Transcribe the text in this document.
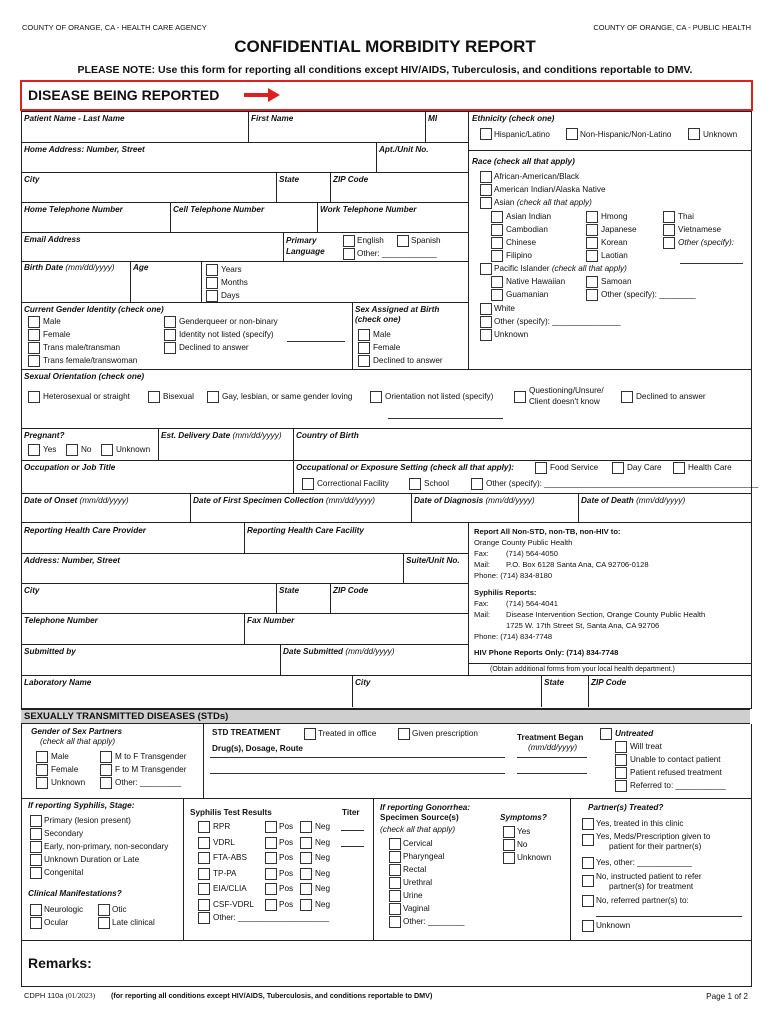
COUNTY OF ORANGE, CA - HEALTH CARE AGENCY	COUNTY OF ORANGE, CA - PUBLIC HEALTH
CONFIDENTIAL MORBIDITY REPORT
PLEASE NOTE: Use this form for reporting all conditions except HIV/AIDS, Tuberculosis, and conditions reportable to DMV.
DISEASE BEING REPORTED
Patient Name - Last Name	First Name	MI
Home Address: Number, Street	Apt./Unit No.
City	State	ZIP Code
Home Telephone Number	Cell Telephone Number	Work Telephone Number
Email Address	Primary
Language
English	Spanish
Other: ____________
Birth Date (mm/dd/yyyy) Age	Years
Months
Days
Current Gender Identity (check one)
Male
Female
Trans male/transman
Trans female/transwoman
Genderqueer or non-binary
Identity not listed (specify)
Declined to answer
Sex Assigned at Birth
(check one)
Male
Female
Declined to answer
Ethnicity (check one)
Hispanic/Latino	Non-Hispanic/Non-Latino	Unknown
Race (check all that apply)
African-American/Black
American Indian/Alaska Native
Asian (check all that apply)
Asian Indian	Hmong	Thai
Cambodian	Japanese	Vietnamese
Chinese	Korean	Other (specify):
Filipino	Laotian
Pacific Islander (check all that apply)
Native Hawaiian	Samoan
Guamanian	Other (specify): ________
White
Other (specify): _______________
Unknown
Sexual Orientation (check one)
Heterosexual or straight	Bisexual	Gay, lesbian, or same gender loving	Orientation not listed (specify)
Questioning/Unsure/
Client doesn't know
Declined to answer
Pregnant?
Yes	No	Unknown
Est. Delivery Date (mm/dd/yyyy) Country of Birth
Occupation or Job Title	Occupational or Exposure Setting (check all that apply):	Food Service	Day Care	Health Care
Correctional Facility	School	Other (specify): _______________________________________________
Date of Onset (mm/dd/yyyy)	Date of First Specimen Collection (mm/dd/yyyy)	Date of Diagnosis (mm/dd/yyyy)	Date of Death (mm/dd/yyyy)
Reporting Health Care Provider	Reporting Health Care Facility
Address: Number, Street	Suite/Unit No.
City	State	ZIP Code
Telephone Number	Fax Number
Submitted by	Date Submitted (mm/dd/yyyy)
Laboratory Name	City	State	ZIP Code
Report All Non-STD, non-TB, non-HIV to:
Orange County Public Health
Fax: (714) 564-4050
Mail: P.O. Box 6128 Santa Ana, CA 92706-0128
Phone: (714) 834-8180
Syphilis Reports:
Fax: (714) 564-4041
Mail: Disease Intervention Section, Orange County Public Health
1725 W. 17th Street St, Santa Ana, CA 92706
Phone: (714) 834-7748
HIV Phone Reports Only: (714) 834-7748
(Obtain additional forms from your local health department.)
SEXUALLY TRANSMITTED DISEASES (STDs)
Gender of Sex Partners
(check all that apply)
Male
Female
Unknown
M to F Transgender
F to M Transgender
Other: _________
STD TREATMENT	Treated in office	Given prescription
Drug(s), Dosage, Route
Treatment Began
(mm/dd/yyyy)
Untreated
Will treat
Unable to contact patient
Patient refused treatment
Referred to: ___________
If reporting Syphilis, Stage:
Primary (lesion present)
Secondary
Early, non-primary, non-secondary
Unknown Duration or Late
Congenital
Clinical Manifestations?
Neurologic	Otic
Ocular	Late clinical
Syphilis Test Results	Titer
RPR	Pos	Neg
VDRL	Pos	Neg
FTA-ABS	Pos	Neg
TP-PA	Pos	Neg
EIA/CLIA	Pos	Neg
CSF-VDRL	Pos	Neg
Other: ____________________
If reporting Gonorrhea:
Specimen Source(s)
(check all that apply)
Cervical
Pharyngeal
Rectal
Urethral
Urine
Vaginal
Other: ________
Symptoms?
Yes
No
Unknown
Partner(s) Treated?
Yes, treated in this clinic
Yes, Meds/Prescription given to
patient for their partner(s)
Yes, other: ____________
No, instructed patient to refer
partner(s) for treatment
No, referred partner(s) to:
Unknown
Remarks:
CDPH 110a (01/2023) (for reporting all conditions except HIV/AIDS, Tuberculosis, and conditions reportable to DMV)	Page 1 of 2
